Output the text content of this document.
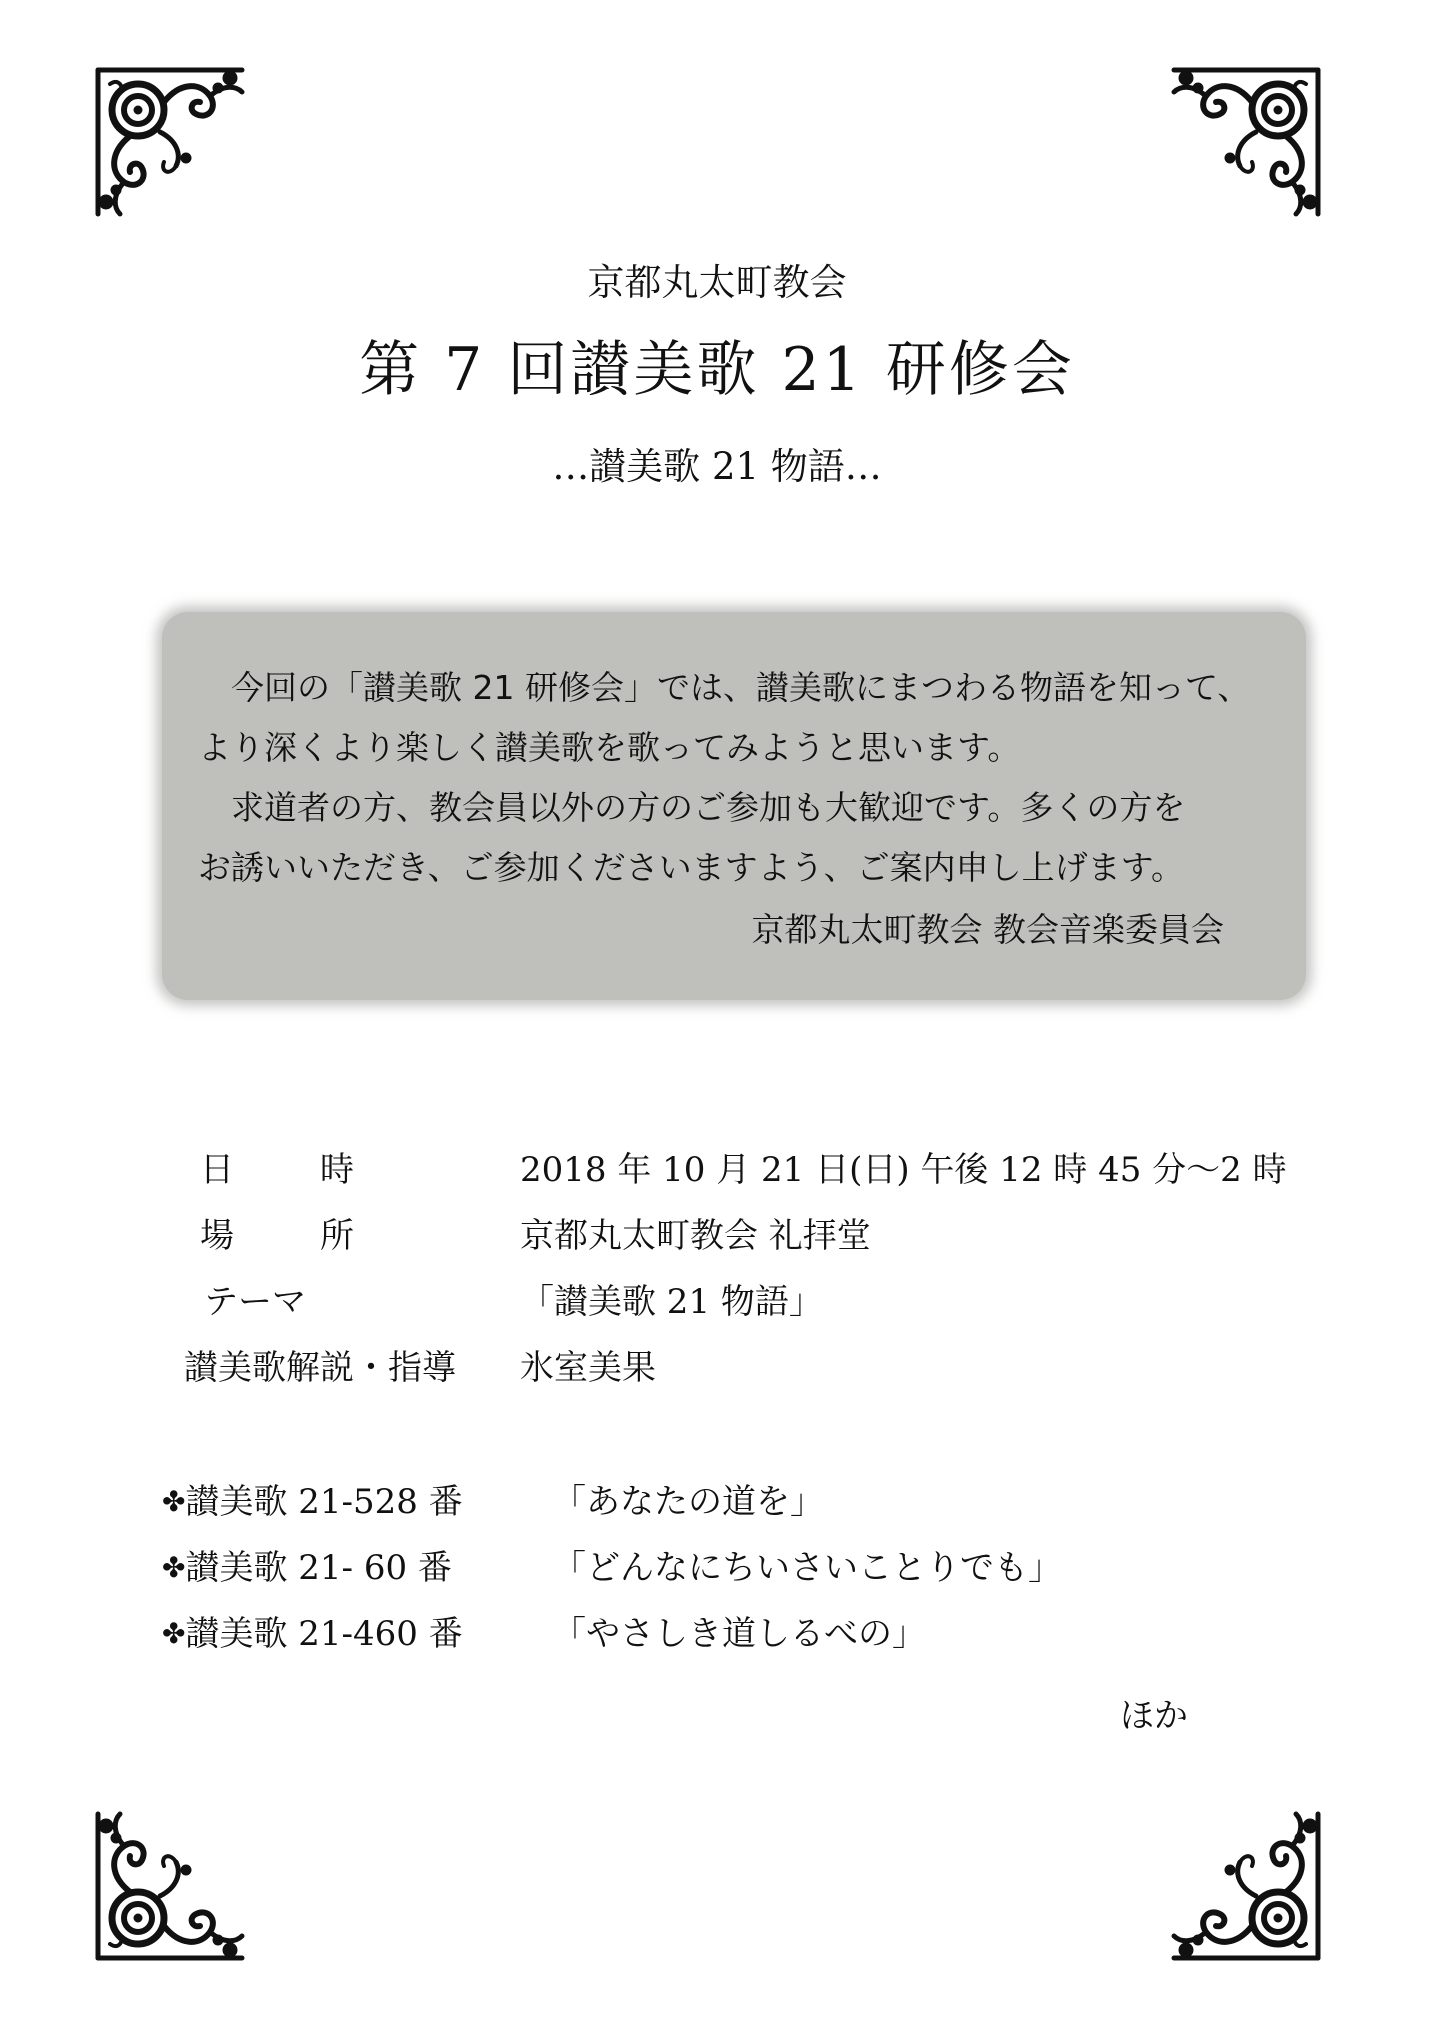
京都丸太町教会
第 7 回讃美歌 21 研修会
…讃美歌 21 物語…

今回の「讃美歌 21 研修会」では、讃美歌にまつわる物語を知って、

より深くより楽しく讃美歌を歌ってみようと思います。

求道者の方、教会員以外の方のご参加も大歓迎です。多くの方を

お誘いいただき、ご参加くださいますよう、ご案内申し上げます。

京都丸太町教会 教会音楽委員会

日 時	2018 年 10 月 21 日(日) 午後 12 時 45 分～2 時
場 所	京都丸太町教会 礼拝堂
テーマ	「讃美歌 21 物語」
讃美歌解説・指導 氷室美果
✤讃美歌 21-528 番	「あなたの道を」
✤讃美歌 21- 60 番	「どんなにちいさいことりでも」
✤讃美歌 21-460 番	「やさしき道しるべの」
ほか
